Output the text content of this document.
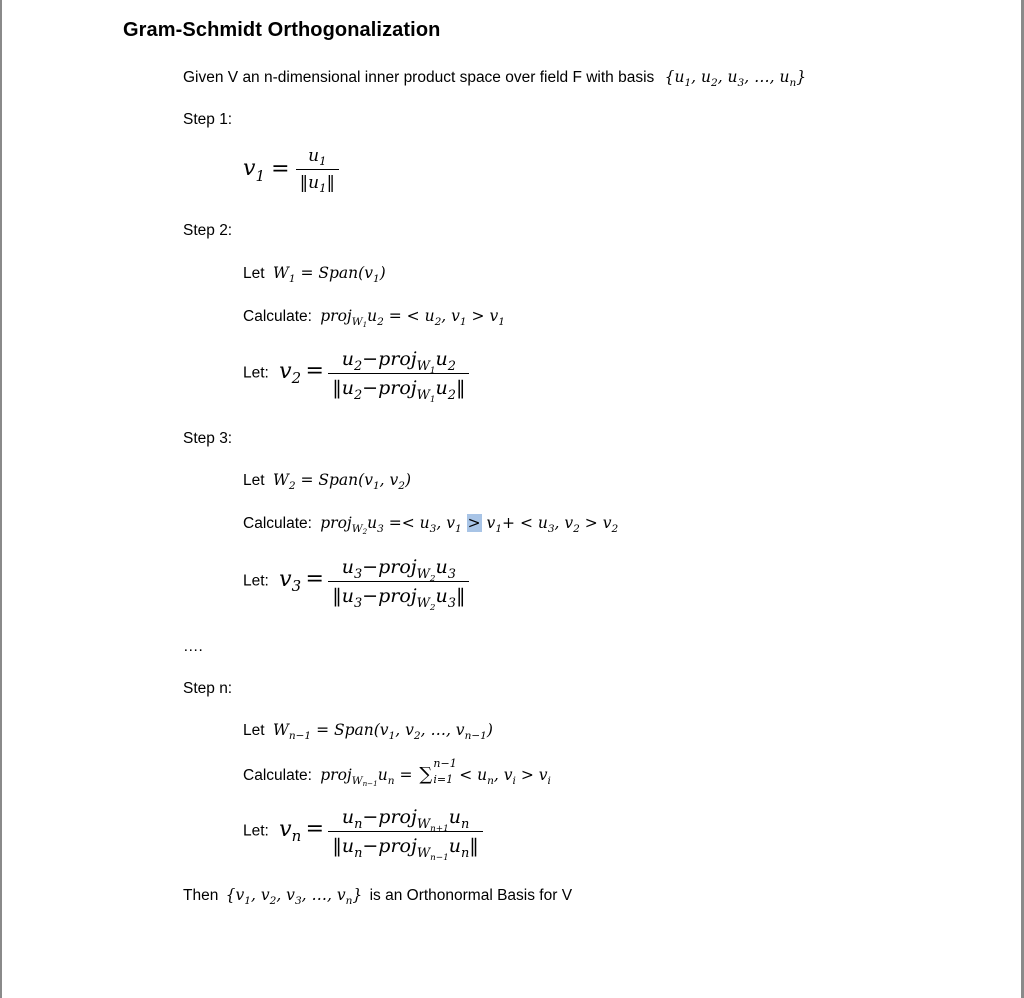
Gram-Schmidt Orthogonalization
Given V an n-dimensional inner product space over field F with basis {$u_1$, $u_2$, $u_3$, …, $u_n$}
Step 1:
$v_1 = \frac{u_1}{‖u_1‖}$
Step 2:
Let $W_1$ = $Span(v_1)$
Calculate: $proj_{W_1}u_2$ = < $u_2$, $v_1 > v_1$
Let: $v_2 = \frac{u_2-proj_{W_1}u_2}{‖u_2-proj_{W_1}u_2‖}$
Step 3:
Let $W_2$ = $Span(v_1$, $v_2$)
Calculate: $proj_{W_2}u_3 =< u_3$, $v_1 > v_1+ < u_3$, $v_2 > v_2$
Let: $v_3 = \frac{u_3-proj_{W_2}u_3}{‖u_3-proj_{W_2}u_3‖}$
….
Step n:
Let $W_{n-1}$ = $Span(v_1$, $v_2$, …, $v_{n-1}$)
Calculate: $proj_{W_{n-1}}u_n$ = ∑
n−1
$i=1 < u_n$, $v_i > v_i$
Let: $v_n = \frac{u_n-proj_{W_{n+1}}u_n}{‖u_n-proj_{W_{n-1}}u_n‖}$
Then {$v_1$, $v_2$, $v_3$, …, $v_n$} is an Orthonormal Basis for V
